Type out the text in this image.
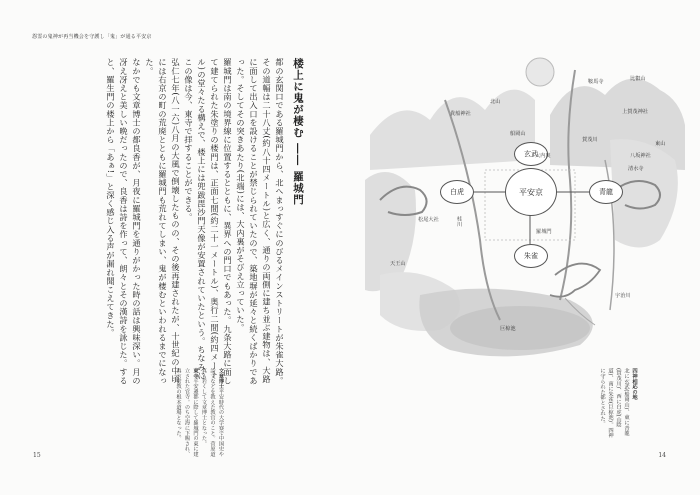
怨霊の鬼神が再当機会を守護し「鬼」が通る平安京
楼上に鬼が棲む ―― 羅城門

都の玄関口である羅城門から、北へまっすぐにのびるメインストリートが朱雀大路。その道幅は二十八丈(約八十四メートル)と広く、通りの両側に建ち並ぶ建物は、大路に面して出入口を設けることが禁じられていたので、築地塀が延々と続くばかりであった。そしてその突きあたり(北端)には、大内裏がそびえ立っていた。

羅城門は南の境界線に位置するとともに、異界への門口でもあった。九条大路に面して建てられた朱塗りの楼門は、正面七間(約二十一メートル)、奥行二間(約四メートル)の堂々たる構えで、楼上には兜跋毘沙門天像が安置されていたという。ちなみにこの像は今、東寺で拝することができる。

弘仁七年(八一六)八月の大風で倒壊したものの、その後再建されたが、十世紀の中頃には右京の町の荒廃とともに羅城門も荒れてしまい、鬼が棲むといわれるまでになった。

なかでも文章博士の都良香が、月夜に羅城門を通りがかった時の話は興味深い。月の冴え冴えと美しい晩だったので、良香は詩を作って、朗々とその漢詩を詠じた。すると、羅生門の楼上から「あぁ!」と深く感じ入る声が漏れ聞こえてきた。

文章博士平安時代の大学寮で中国史や詩文などを教えた教官のこと。菅原道真も若くして文章博士となった。
東寺平安遷都に際して羅城門の東に建立された官寺。のち空海に下賜され、真言密教の根本道場となった。
15
平安京
玄武
白虎	青龍
朱雀
比叡山
鞍馬寺
貴船神社	上賀茂神社
北山
船岡山
賀茂川
東山
八坂神社
清水寺
桂川
松尾大社
天王山
羅城門
大内裏
宇治川
巨椋池
四神相応の地
北に玄武(船岡山)、東に青龍(賀茂川)、西に白虎(山陰道)、南に朱雀(巨椋池)。四神に守られた都とされた。
14
